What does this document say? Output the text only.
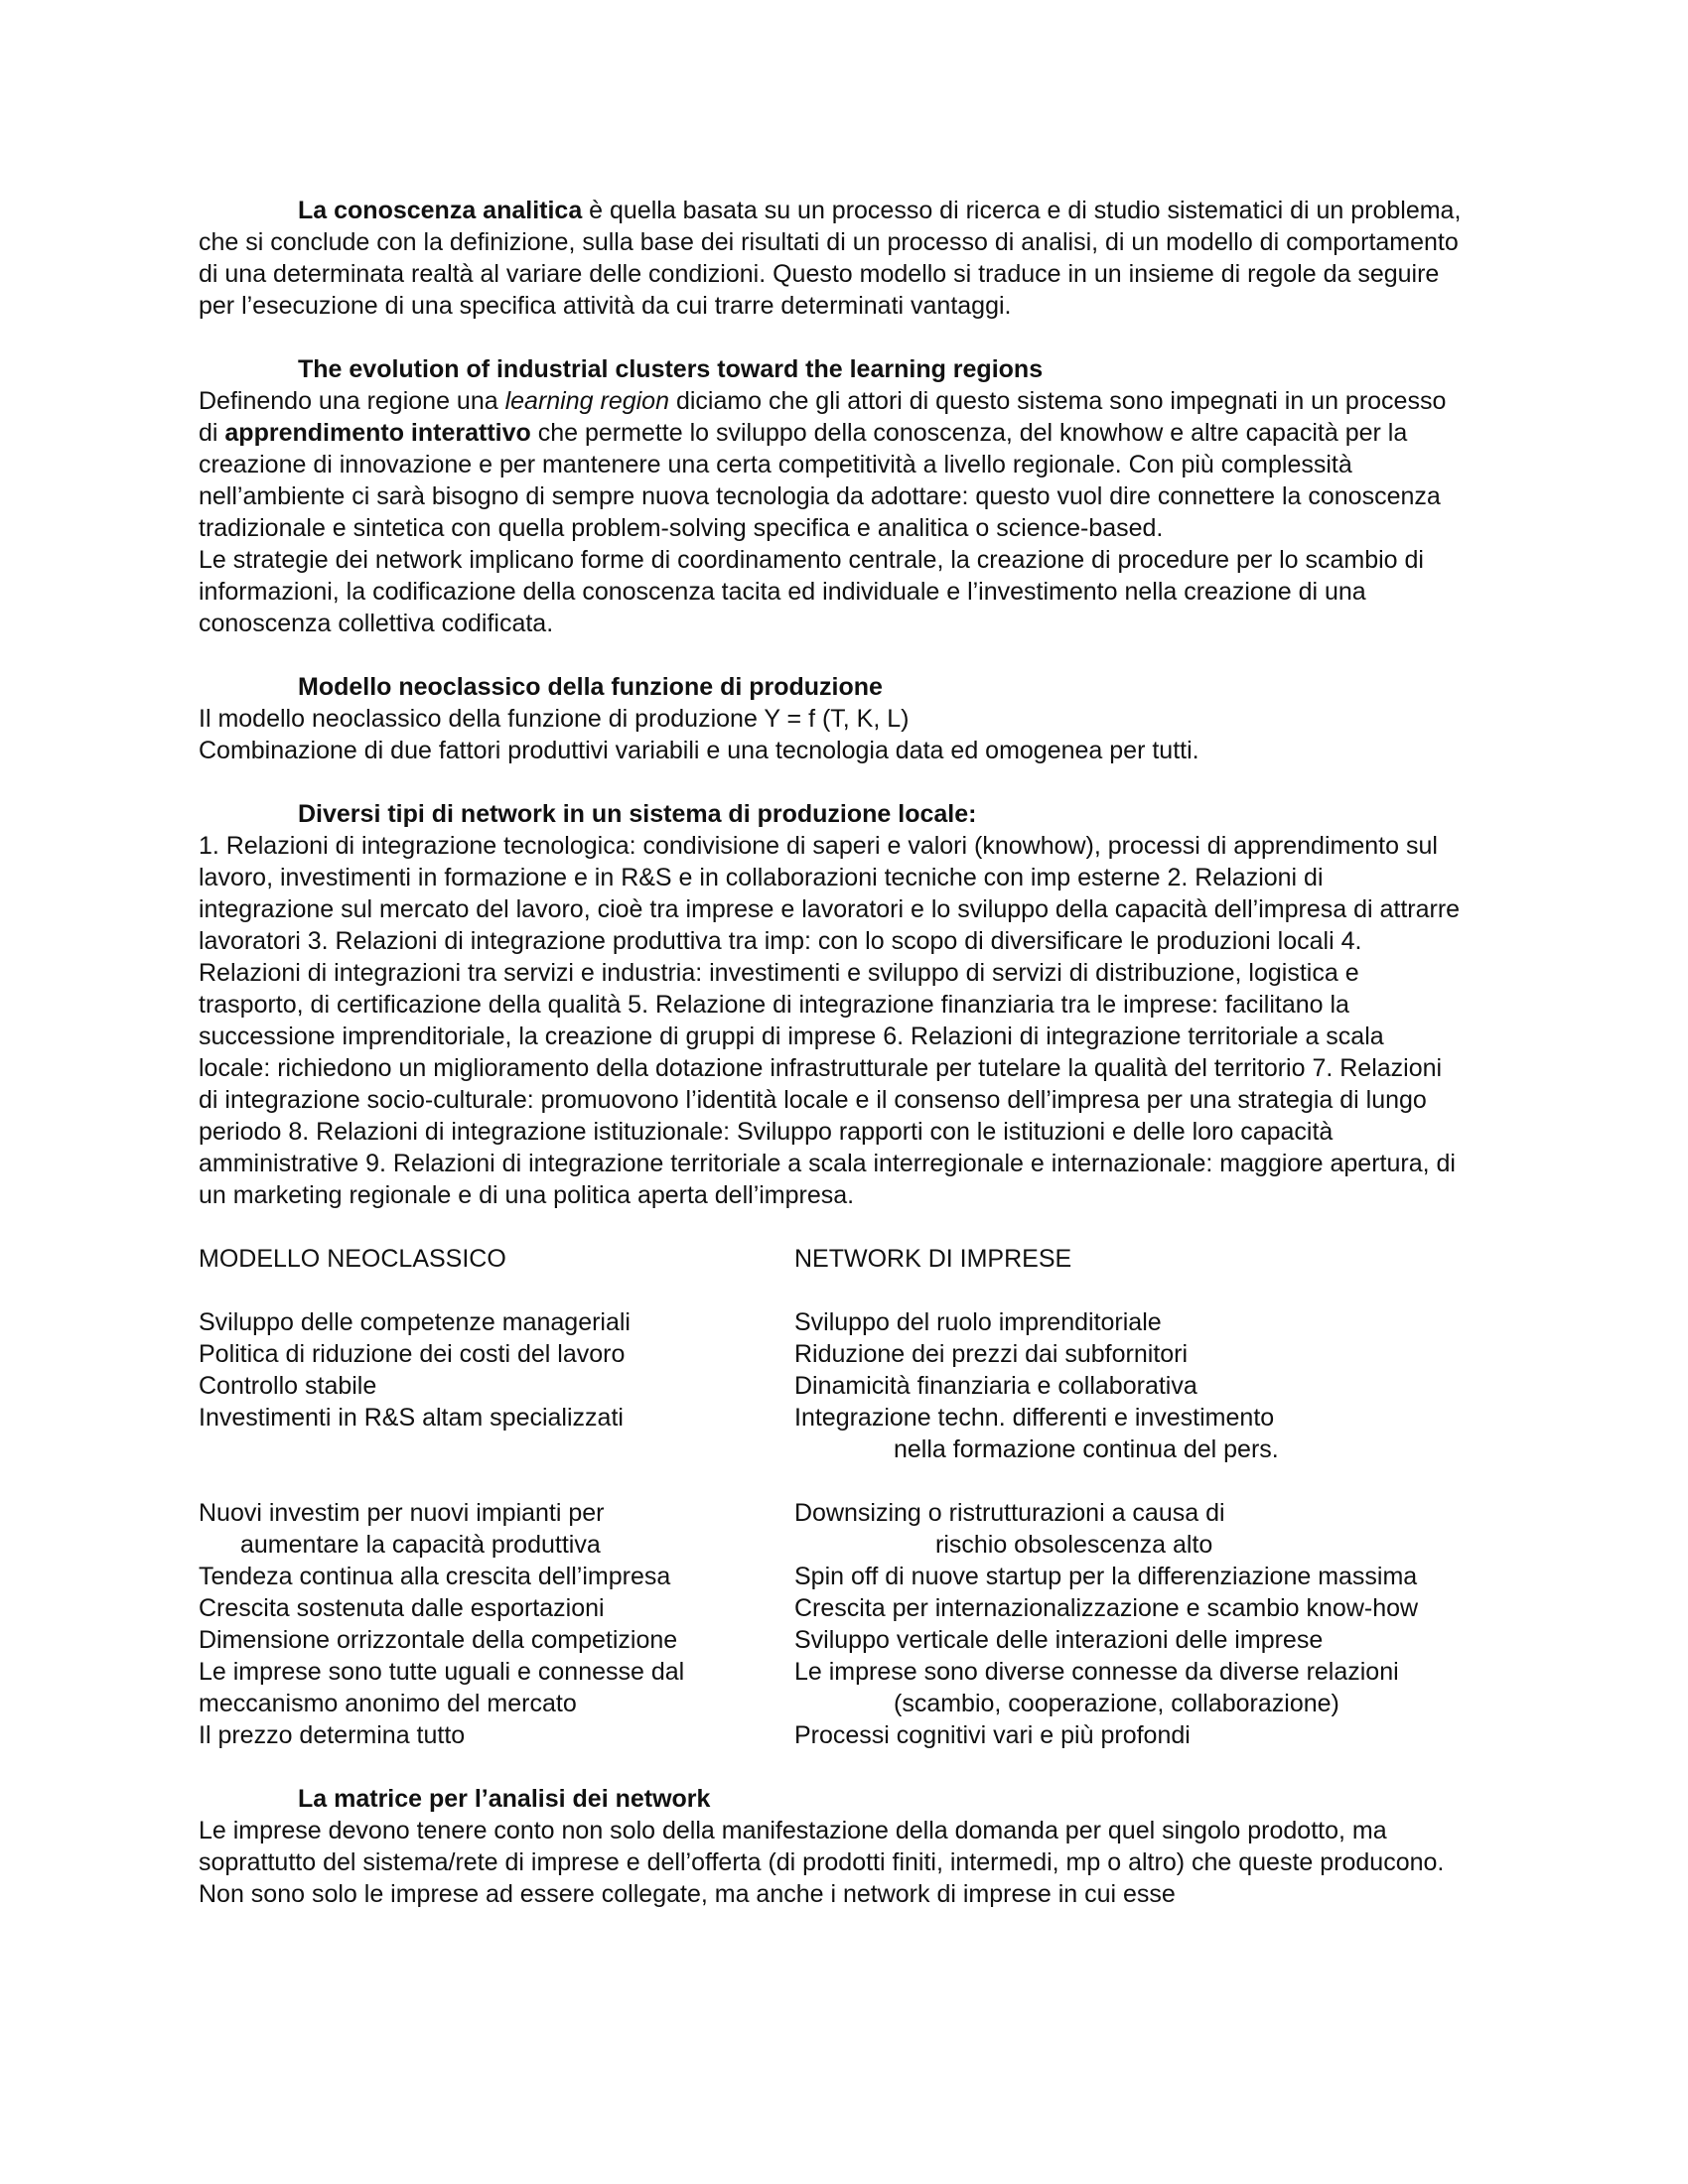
La conoscenza analitica è quella basata su un processo di ricerca e di studio sistematici di un problema, che si conclude con la definizione, sulla base dei risultati di un processo di analisi, di un modello di comportamento di una determinata realtà al variare delle condizioni. Questo modello si traduce in un insieme di regole da seguire per l’esecuzione di una specifica attività da cui trarre determinati vantaggi.

The evolution of industrial clusters toward the learning regions

Definendo una regione una learning region diciamo che gli attori di questo sistema sono impegnati in un processo di apprendimento interattivo che permette lo sviluppo della conoscenza, del knowhow e altre capacità per la creazione di innovazione e per mantenere una certa competitività a livello regionale. Con più complessità nell’ambiente ci sarà bisogno di sempre nuova tecnologia da adottare: questo vuol dire connettere la conoscenza tradizionale e sintetica con quella problem-solving specifica e analitica o science-based.

Le strategie dei network implicano forme di coordinamento centrale, la creazione di procedure per lo scambio di informazioni, la codificazione della conoscenza tacita ed individuale e l’investimento nella creazione di una conoscenza collettiva codificata.

Modello neoclassico della funzione di produzione

Il modello neoclassico della funzione di produzione Y = f (T, K, L)

Combinazione di due fattori produttivi variabili e una tecnologia data ed omogenea per tutti.

Diversi tipi di network in un sistema di produzione locale:

1. Relazioni di integrazione tecnologica: condivisione di saperi e valori (knowhow), processi di apprendimento sul lavoro, investimenti in formazione e in R&S e in collaborazioni tecniche con imp esterne 2. Relazioni di integrazione sul mercato del lavoro, cioè tra imprese e lavoratori e lo sviluppo della capacità dell’impresa di attrarre lavoratori 3. Relazioni di integrazione produttiva tra imp: con lo scopo di diversificare le produzioni locali 4. Relazioni di integrazioni tra servizi e industria: investimenti e sviluppo di servizi di distribuzione, logistica e trasporto, di certificazione della qualità 5. Relazione di integrazione finanziaria tra le imprese: facilitano la successione imprenditoriale, la creazione di gruppi di imprese 6. Relazioni di integrazione territoriale a scala locale: richiedono un miglioramento della dotazione infrastrutturale per tutelare la qualità del territorio 7. Relazioni di integrazione socio-culturale: promuovono l’identità locale e il consenso dell’impresa per una strategia di lungo periodo 8. Relazioni di integrazione istituzionale: Sviluppo rapporti con le istituzioni e delle loro capacità amministrative 9. Relazioni di integrazione territoriale a scala interregionale e internazionale: maggiore apertura, di un marketing regionale e di una politica aperta dell’impresa.

MODELLO NEOCLASSICO	NETWORK DI IMPRESE
Sviluppo delle competenze manageriali	Sviluppo del ruolo imprenditoriale
Politica di riduzione dei costi del lavoro	Riduzione dei prezzi dai subfornitori
Controllo stabile	Dinamicità finanziaria e collaborativa
Investimenti in R&S altam specializzati	Integrazione techn. differenti e investimento
nella formazione continua del pers.
Nuovi investim per nuovi impianti per	Downsizing o ristrutturazioni a causa di
aumentare la capacità produttiva	rischio obsolescenza alto
Tendeza continua alla crescita dell’impresa	Spin off di nuove startup per la differenziazione massima
Crescita sostenuta dalle esportazioni	Crescita per internazionalizzazione e scambio know-how
Dimensione orrizzontale della competizione	Sviluppo verticale delle interazioni delle imprese
Le imprese sono tutte uguali e connesse dal	Le imprese sono diverse connesse da diverse relazioni
meccanismo anonimo del mercato	(scambio, cooperazione, collaborazione)
Il prezzo determina tutto	Processi cognitivi vari e più profondi

La matrice per l’analisi dei network

Le imprese devono tenere conto non solo della manifestazione della domanda per quel singolo prodotto, ma soprattutto del sistema/rete di imprese e dell’offerta (di prodotti finiti, intermedi, mp o altro) che queste producono. Non sono solo le imprese ad essere collegate, ma anche i network di imprese in cui esse
